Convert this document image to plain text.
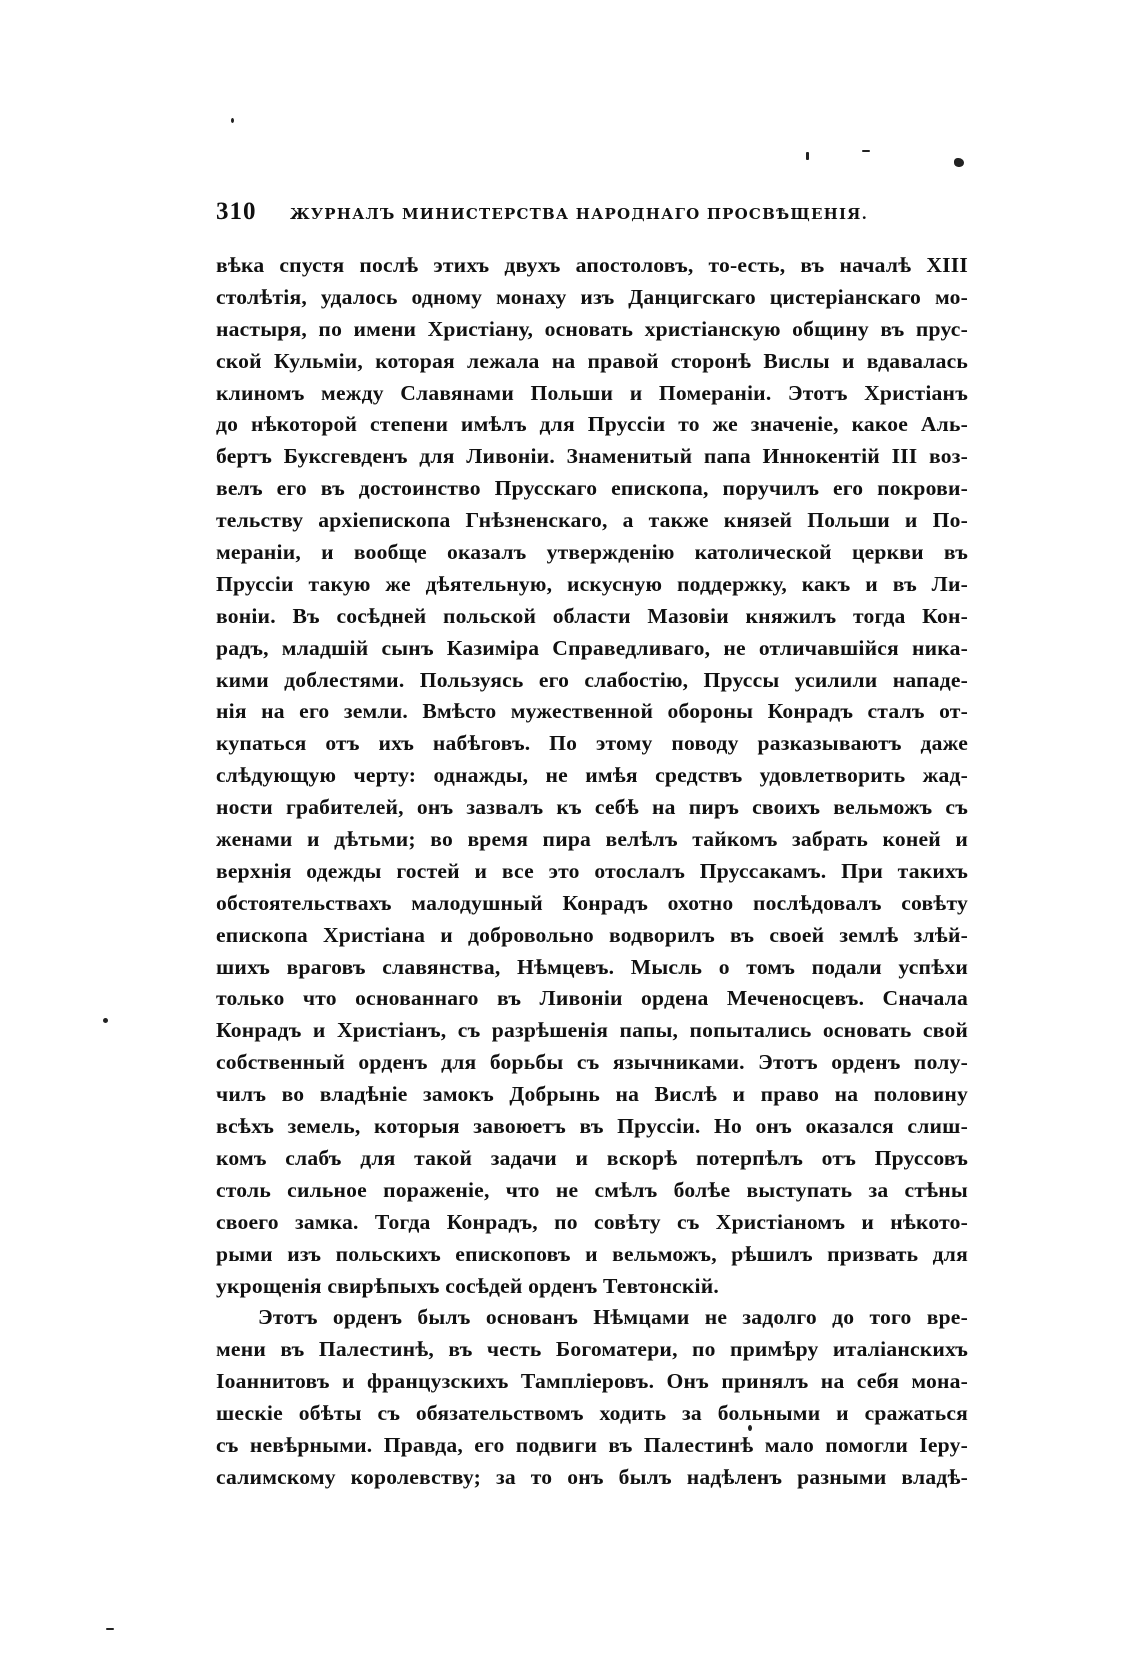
310	ЖУРНАЛЪ МИНИСТЕРСТВА НАРОДНАГО ПРОСВѢЩЕНІЯ.
вѣка спустя послѣ этихъ двухъ апостоловъ, то-есть, въ началѣ XIII
столѣтія, удалось одному монаху изъ Данцигскаго цистеріанскаго мо-
настыря, по имени Христіану, основать христіанскую общину въ прус-
ской Кульміи, которая лежала на правой сторонѣ Вислы и вдавалась
клиномъ между Славянами Польши и Помераніи. Этотъ Христіанъ
до нѣкоторой степени имѣлъ для Пруссіи то же значеніе, какое Аль-
бертъ Буксгевденъ для Ливоніи. Знаменитый папа Иннокентій III воз-
велъ его въ достоинство Прусскаго епископа, поручилъ его покрови-
тельству архіепископа Гнѣзненскаго, а также князей Польши и По-
мераніи, и вообще оказалъ утвержденію католической церкви въ
Пруссіи такую же дѣятельную, искусную поддержку, какъ и въ Ли-
воніи. Въ сосѣдней польской области Мазовіи княжилъ тогда Кон-
радъ, младшій сынъ Казиміра Справедливаго, не отличавшійся ника-
кими доблестями. Пользуясь его слабостію, Пруссы усилили нападе-
нія на его земли. Вмѣсто мужественной обороны Конрадъ сталъ от-
купаться отъ ихъ набѣговъ. По этому поводу разказываютъ даже
слѣдующую черту: однажды, не имѣя средствъ удовлетворить жад-
ности грабителей, онъ зазвалъ къ себѣ на пиръ своихъ вельможъ съ
женами и дѣтьми; во время пира велѣлъ тайкомъ забрать коней и
верхнія одежды гостей и все это отослалъ Пруссакамъ. При такихъ
обстоятельствахъ малодушный Конрадъ охотно послѣдовалъ совѣту
епископа Христіана и добровольно водворилъ въ своей землѣ злѣй-
шихъ враговъ славянства, Нѣмцевъ. Мысль о томъ подали успѣхи
только что основаннаго въ Ливоніи ордена Меченосцевъ. Сначала
Конрадъ и Христіанъ, съ разрѣшенія папы, попытались основать свой
собственный орденъ для борьбы съ язычниками. Этотъ орденъ полу-
чилъ во владѣніе замокъ Добрынь на Вислѣ и право на половину
всѣхъ земель, которыя завоюетъ въ Пруссіи. Но онъ оказался слиш-
комъ слабъ для такой задачи и вскорѣ потерпѣлъ отъ Пруссовъ
столь сильное пораженіе, что не смѣлъ болѣе выступать за стѣны
своего замка. Тогда Конрадъ, по совѣту съ Христіаномъ и нѣкото-
рыми изъ польскихъ епископовъ и вельможъ, рѣшилъ призвать для
укрощенія свирѣпыхъ сосѣдей орденъ Тевтонскій.
Этотъ орденъ былъ основанъ Нѣмцами не задолго до того вре-
мени въ Палестинѣ, въ честь Богоматери, по примѣру италіанскихъ
Іоаннитовъ и французскихъ Тампліеровъ. Онъ принялъ на себя мона-
шескіе обѣты съ обязательствомъ ходить за больными и сражаться
съ невѣрными. Правда, его подвиги въ Палестинѣ мало помогли Іеру-
салимскому королевству; за то онъ былъ надѣленъ разными владѣ-
